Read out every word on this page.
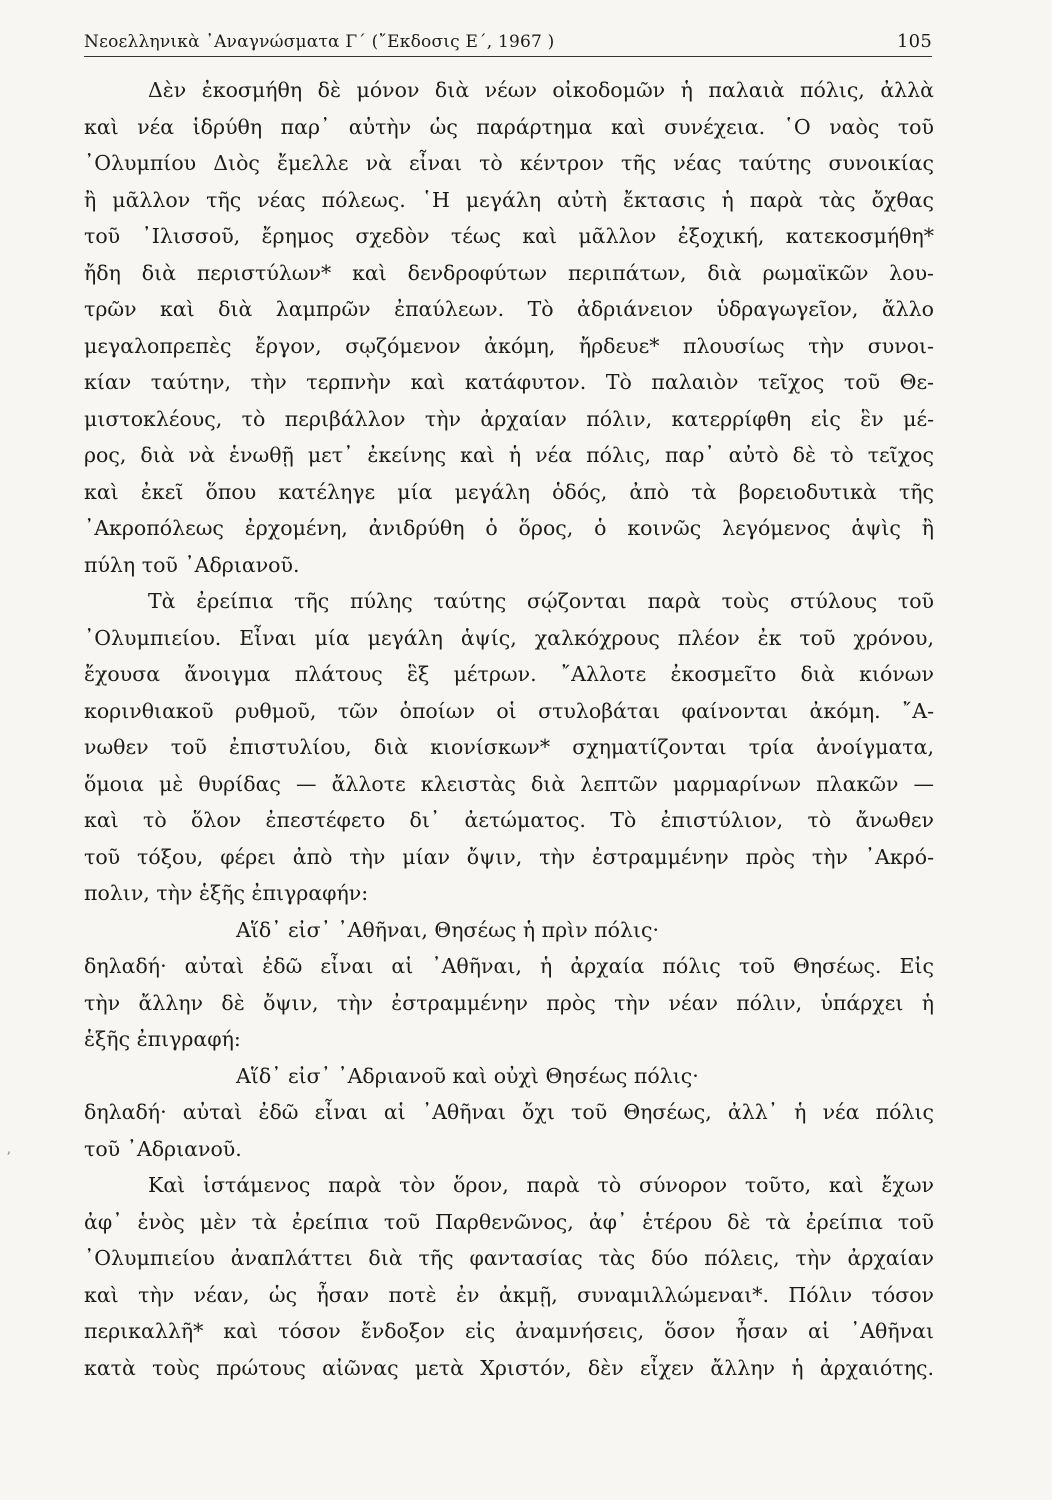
Νεοελληνικὰ ᾿Αναγνώσματα Γ΄ (῎Εκδοσις Ε΄, 1967 )	105
Δὲν ἐκοσμήθη δὲ μόνον διὰ νέων οἰκοδομῶν ἡ παλαιὰ πόλις, ἀλλὰ
καὶ νέα ἱδρύθη παρ᾿ αὐτὴν ὡς παράρτημα καὶ συνέχεια. ῾Ο ναὸς τοῦ
᾿Ολυμπίου Διὸς ἔμελλε νὰ εἶναι τὸ κέντρον τῆς νέας ταύτης συνοικίας
ἢ μᾶλλον τῆς νέας πόλεως. ῾Η μεγάλη αὐτὴ ἔκτασις ἡ παρὰ τὰς ὄχθας
τοῦ ᾿Ιλισσοῦ, ἔρημος σχεδὸν τέως καὶ μᾶλλον ἐξοχική, κατεκοσμήθη*
ἤδη διὰ περιστύλων* καὶ δενδροφύτων περιπάτων, διὰ ρωμαϊκῶν λου-
τρῶν καὶ διὰ λαμπρῶν ἐπαύλεων. Τὸ ἀδριάνειον ὑδραγωγεῖον, ἄλλο
μεγαλοπρεπὲς ἔργον, σῳζόμενον ἀκόμη, ἤρδευε* πλουσίως τὴν συνοι-
κίαν ταύτην, τὴν τερπνὴν καὶ κατάφυτον. Τὸ παλαιὸν τεῖχος τοῦ Θε-
μιστοκλέους, τὸ περιβάλλον τὴν ἀρχαίαν πόλιν, κατερρίφθη εἰς ἓν μέ-
ρος, διὰ νὰ ἑνωθῇ μετ᾿ ἐκείνης καὶ ἡ νέα πόλις, παρ᾿ αὐτὸ δὲ τὸ τεῖχος
καὶ ἐκεῖ ὅπου κατέληγε μία μεγάλη ὁδός, ἀπὸ τὰ βορειοδυτικὰ τῆς
᾿Ακροπόλεως ἐρχομένη, ἀνιδρύθη ὁ ὅρος, ὁ κοινῶς λεγόμενος ἁψὶς ἢ
πύλη τοῦ ᾿Αδριανοῦ.
Τὰ ἐρείπια τῆς πύλης ταύτης σῴζονται παρὰ τοὺς στύλους τοῦ
᾿Ολυμπιείου. Εἶναι μία μεγάλη ἁψίς, χαλκόχρους πλέον ἐκ τοῦ χρόνου,
ἔχουσα ἄνοιγμα πλάτους ἓξ μέτρων. ῎Αλλοτε ἐκοσμεῖτο διὰ κιόνων
κορινθιακοῦ ρυθμοῦ, τῶν ὁποίων οἱ στυλοβάται φαίνονται ἀκόμη. ῎Α-
νωθεν τοῦ ἐπιστυλίου, διὰ κιονίσκων* σχηματίζονται τρία ἀνοίγματα,
ὅμοια μὲ θυρίδας — ἄλλοτε κλειστὰς διὰ λεπτῶν μαρμαρίνων πλακῶν —
καὶ τὸ ὅλον ἐπεστέφετο δι᾿ ἀετώματος. Τὸ ἐπιστύλιον, τὸ ἄνωθεν
τοῦ τόξου, φέρει ἀπὸ τὴν μίαν ὄψιν, τὴν ἐστραμμένην πρὸς τὴν ᾿Ακρό-
πολιν, τὴν ἑξῆς ἐπιγραφήν:
Αἵδ᾿ εἰσ᾿ ᾿Αθῆναι, Θησέως ἡ πρὶν πόλις·
δηλαδή· αὐταὶ ἐδῶ εἶναι αἱ ᾿Αθῆναι, ἡ ἀρχαία πόλις τοῦ Θησέως. Εἰς
τὴν ἄλλην δὲ ὄψιν, τὴν ἐστραμμένην πρὸς τὴν νέαν πόλιν, ὑπάρχει ἡ
ἑξῆς ἐπιγραφή:
Αἵδ᾿ εἰσ᾿ ᾿Αδριανοῦ καὶ οὐχὶ Θησέως πόλις·
δηλαδή· αὐταὶ ἐδῶ εἶναι αἱ ᾿Αθῆναι ὄχι τοῦ Θησέως, ἀλλ᾿ ἡ νέα πόλις
τοῦ ᾿Αδριανοῦ.
Καὶ ἱστάμενος παρὰ τὸν ὅρον, παρὰ τὸ σύνορον τοῦτο, καὶ ἔχων
ἀφ᾿ ἑνὸς μὲν τὰ ἐρείπια τοῦ Παρθενῶνος, ἀφ᾿ ἑτέρου δὲ τὰ ἐρείπια τοῦ
᾿Ολυμπιείου ἀναπλάττει διὰ τῆς φαντασίας τὰς δύο πόλεις, τὴν ἀρχαίαν
καὶ τὴν νέαν, ὡς ἦσαν ποτὲ ἐν ἀκμῇ, συναμιλλώμεναι*. Πόλιν τόσον
περικαλλῆ* καὶ τόσον ἔνδοξον εἰς ἀναμνήσεις, ὅσον ἦσαν αἱ ᾿Αθῆναι
κατὰ τοὺς πρώτους αἰῶνας μετὰ Χριστόν, δὲν εἶχεν ἄλλην ἡ ἀρχαιότης.
ʼ
